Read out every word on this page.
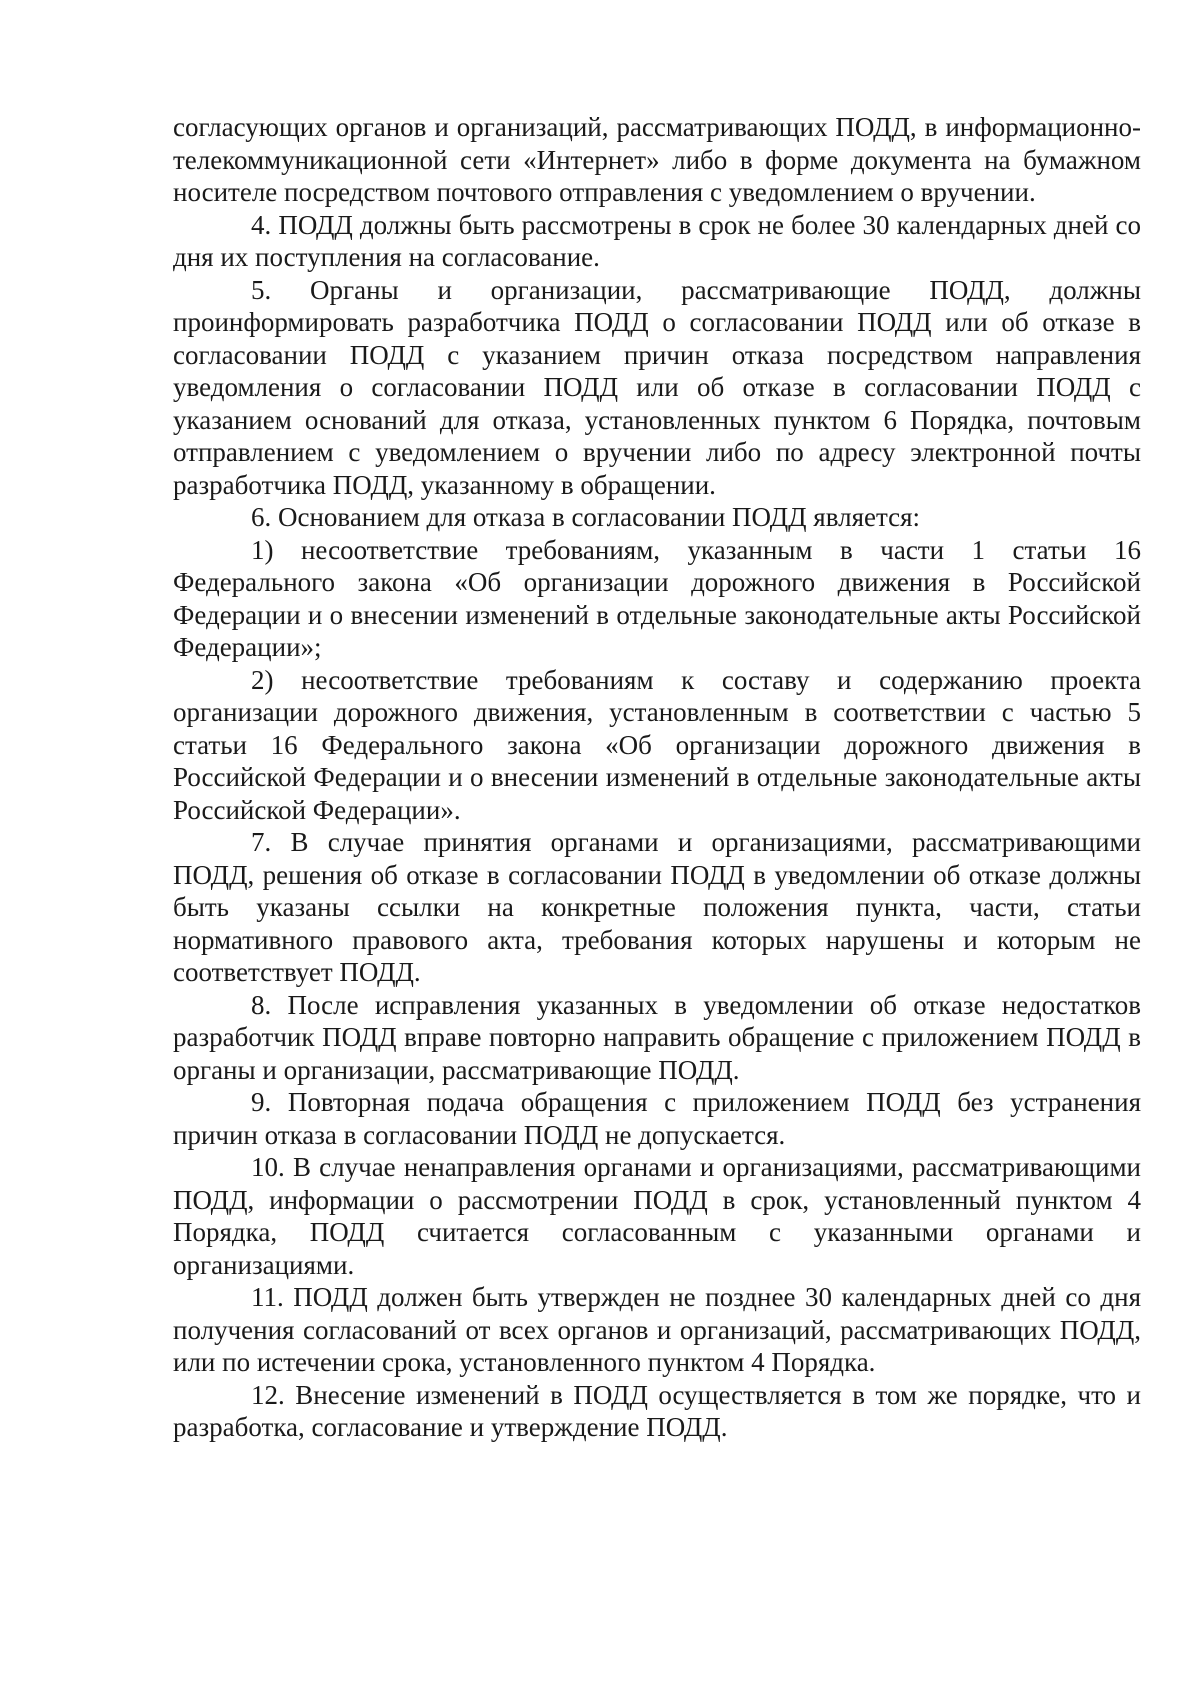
согласующих органов и организаций, рассматривающих ПОДД, в информационно-телекоммуникационной сети «Интернет» либо в форме документа на бумажном носителе посредством почтового отправления с уведомлением о вручении.

4. ПОДД должны быть рассмотрены в срок не более 30 календарных дней со дня их поступления на согласование.

5. Органы и организации, рассматривающие ПОДД, должны проинформировать разработчика ПОДД о согласовании ПОДД или об отказе в согласовании ПОДД с указанием причин отказа посредством направления уведомления о согласовании ПОДД или об отказе в согласовании ПОДД с указанием оснований для отказа, установленных пунктом 6 Порядка, почтовым отправлением с уведомлением о вручении либо по адресу электронной почты разработчика ПОДД, указанному в обращении.

6. Основанием для отказа в согласовании ПОДД является:

1) несоответствие требованиям, указанным в части 1 статьи 16 Федерального закона «Об организации дорожного движения в Российской Федерации и о внесении изменений в отдельные законодательные акты Российской Федерации»;

2) несоответствие требованиям к составу и содержанию проекта организации дорожного движения, установленным в соответствии с частью 5 статьи 16 Федерального закона «Об организации дорожного движения в Российской Федерации и о внесении изменений в отдельные законодательные акты Российской Федерации».

7. В случае принятия органами и организациями, рассматривающими ПОДД, решения об отказе в согласовании ПОДД в уведомлении об отказе должны быть указаны ссылки на конкретные положения пункта, части, статьи нормативного правового акта, требования которых нарушены и которым не соответствует ПОДД.

8. После исправления указанных в уведомлении об отказе недостатков разработчик ПОДД вправе повторно направить обращение с приложением ПОДД в органы и организации, рассматривающие ПОДД.

9. Повторная подача обращения с приложением ПОДД без устранения причин отказа в согласовании ПОДД не допускается.

10. В случае ненаправления органами и организациями, рассматривающими ПОДД, информации о рассмотрении ПОДД в срок, установленный пунктом 4 Порядка, ПОДД считается согласованным с указанными органами и организациями.

11. ПОДД должен быть утвержден не позднее 30 календарных дней со дня получения согласований от всех органов и организаций, рассматривающих ПОДД, или по истечении срока, установленного пунктом 4 Порядка.

12. Внесение изменений в ПОДД осуществляется в том же порядке, что и разработка, согласование и утверждение ПОДД.
